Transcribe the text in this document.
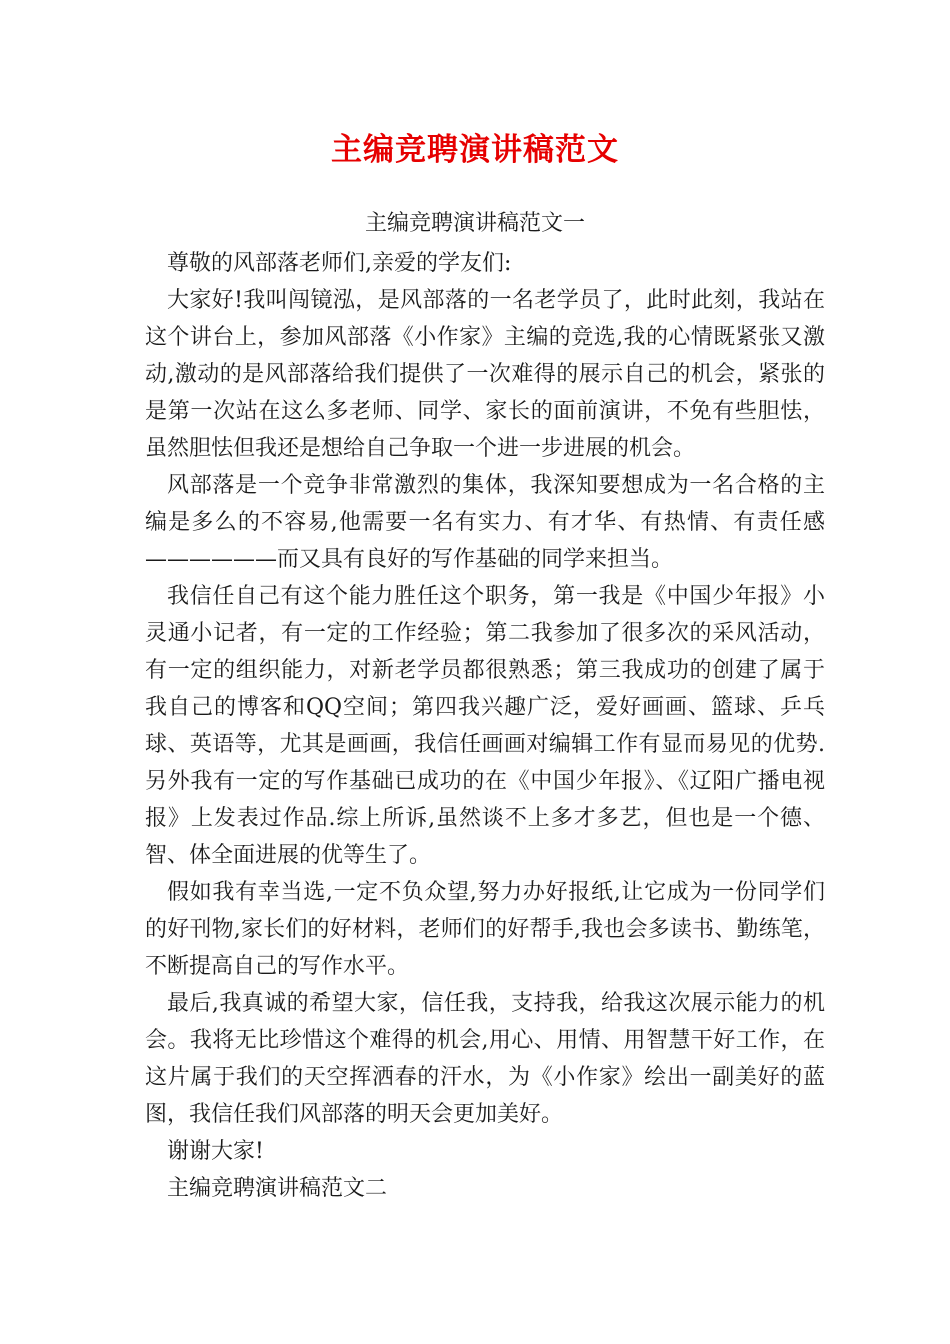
主编竞聘演讲稿范文
主编竞聘演讲稿范文一

尊敬的风部落老师们,亲爱的学友们:

大家好!我叫闯镜泓，是风部落的一名老学员了，此时此刻，我站在这个讲台上，参加风部落《小作家》主编的竞选,我的心情既紧张又激动,激动的是风部落给我们提供了一次难得的展示自己的机会，紧张的是第一次站在这么多老师、同学、家长的面前演讲，不免有些胆怯，虽然胆怯但我还是想给自己争取一个进一步进展的机会。

风部落是一个竞争非常激烈的集体，我深知要想成为一名合格的主编是多么的不容易,他需要一名有实力、有才华、有热情、有责任感——————而又具有良好的写作基础的同学来担当。

我信任自己有这个能力胜任这个职务，第一我是《中国少年报》小灵通小记者，有一定的工作经验；第二我参加了很多次的采风活动，有一定的组织能力，对新老学员都很熟悉；第三我成功的创建了属于我自己的博客和QQ空间；第四我兴趣广泛，爱好画画、篮球、乒乓球、英语等，尤其是画画，我信任画画对编辑工作有显而易见的优势.另外我有一定的写作基础已成功的在《中国少年报》、《辽阳广播电视报》上发表过作品.综上所诉,虽然谈不上多才多艺，但也是一个德、智、体全面进展的优等生了。

假如我有幸当选,一定不负众望,努力办好报纸,让它成为一份同学们的好刊物,家长们的好材料，老师们的好帮手,我也会多读书、勤练笔，不断提高自己的写作水平。

最后,我真诚的希望大家，信任我，支持我，给我这次展示能力的机会。我将无比珍惜这个难得的机会,用心、用情、用智慧干好工作，在这片属于我们的天空挥洒春的汗水，为《小作家》绘出一副美好的蓝图，我信任我们风部落的明天会更加美好。

谢谢大家!

主编竞聘演讲稿范文二
